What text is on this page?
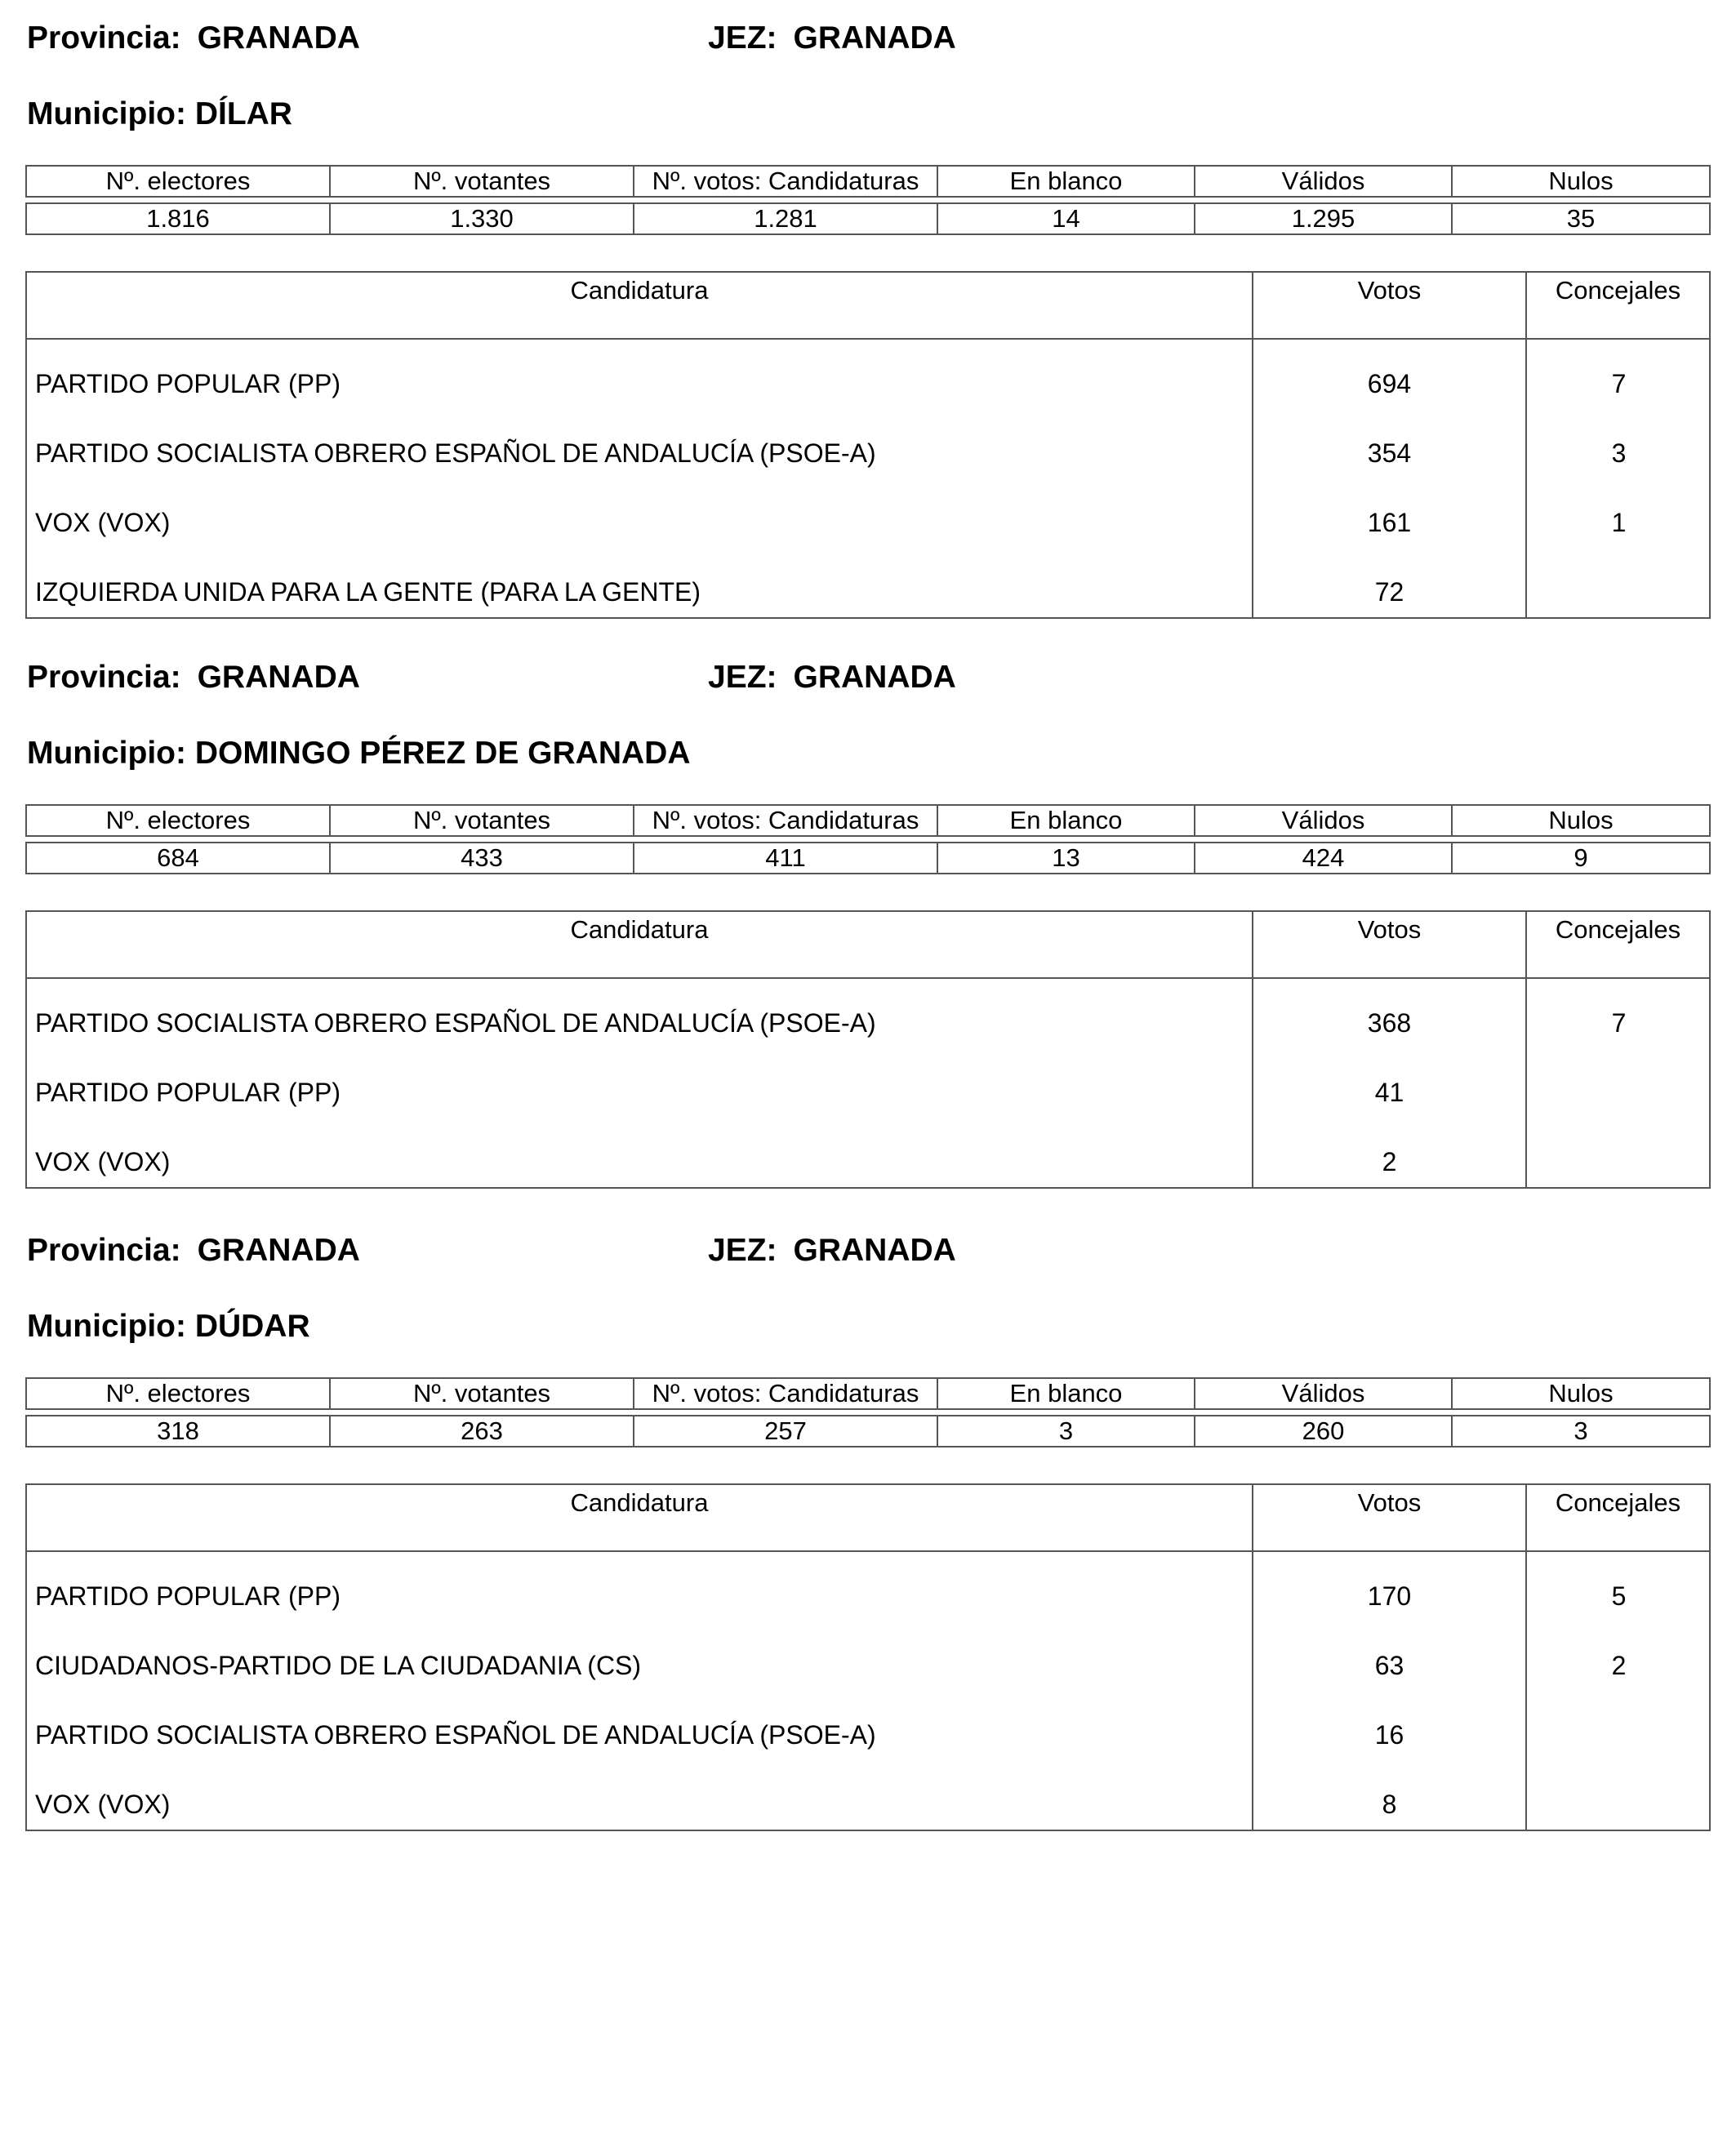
Provincia: GRANADA	JEZ: GRANADA
Municipio: DÍLAR
Nº. electores	Nº. votantes	Nº. votos: Candidaturas	En blanco	Válidos	Nulos

1.816	1.330	1.281	14	1.295	35
Candidatura	Votos	Concejales
PARTIDO POPULAR (PP)	694	7
PARTIDO SOCIALISTA OBRERO ESPAÑOL DE ANDALUCÍA (PSOE-A)	354	3
VOX (VOX)	161	1
IZQUIERDA UNIDA PARA LA GENTE (PARA LA GENTE)	72
Provincia: GRANADA	JEZ: GRANADA
Municipio: DOMINGO PÉREZ DE GRANADA
Nº. electores	Nº. votantes	Nº. votos: Candidaturas	En blanco	Válidos	Nulos

684	433	411	13	424	9
Candidatura	Votos	Concejales
PARTIDO SOCIALISTA OBRERO ESPAÑOL DE ANDALUCÍA (PSOE-A)	368	7
PARTIDO POPULAR (PP)	41
VOX (VOX)	2
Provincia: GRANADA	JEZ: GRANADA
Municipio: DÚDAR
Nº. electores	Nº. votantes	Nº. votos: Candidaturas	En blanco	Válidos	Nulos

318	263	257	3	260	3
Candidatura	Votos	Concejales
PARTIDO POPULAR (PP)	170	5
CIUDADANOS-PARTIDO DE LA CIUDADANIA (CS)	63	2
PARTIDO SOCIALISTA OBRERO ESPAÑOL DE ANDALUCÍA (PSOE-A)	16
VOX (VOX)	8
